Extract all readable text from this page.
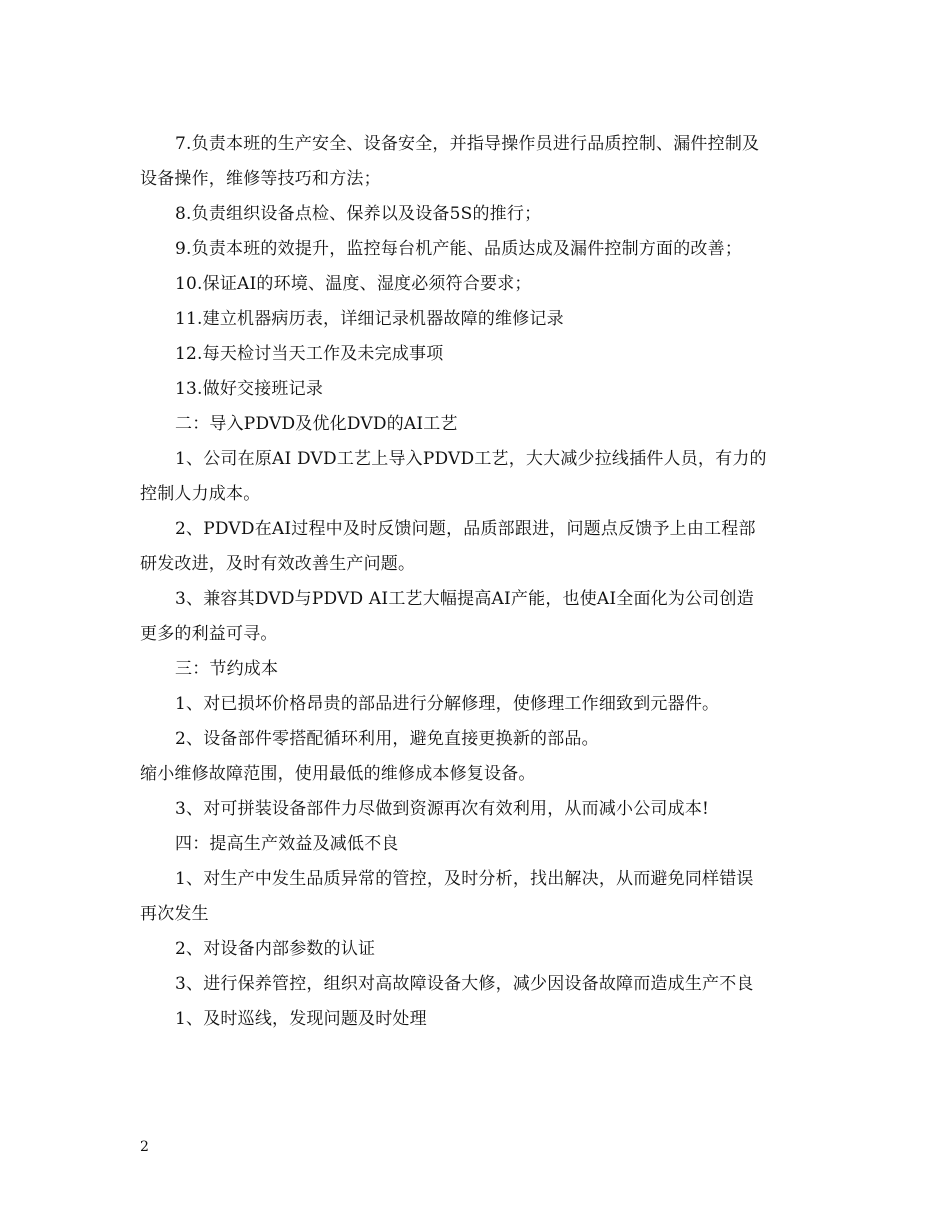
7.负责本班的生产安全、设备安全，并指导操作员进行品质控制、漏件控制及
设备操作，维修等技巧和方法；

8.负责组织设备点检、保养以及设备5S的推行；

9.负责本班的效提升，监控每台机产能、品质达成及漏件控制方面的改善；

10.保证AI的环境、温度、湿度必须符合要求；

11.建立机器病历表，详细记录机器故障的维修记录

12.每天检讨当天工作及未完成事项

13.做好交接班记录

二：导入PDVD及优化DVD的AI工艺

1、公司在原AI DVD工艺上导入PDVD工艺，大大减少拉线插件人员，有力的
控制人力成本。

2、PDVD在AI过程中及时反馈问题，品质部跟进，问题点反馈予上由工程部
研发改进，及时有效改善生产问题。

3、兼容其DVD与PDVD AI工艺大幅提高AI产能，也使AI全面化为公司创造
更多的利益可寻。

三：节约成本

1、对已损坏价格昂贵的部品进行分解修理，使修理工作细致到元器件。

2、设备部件零搭配循环利用，避免直接更换新的部品。

缩小维修故障范围，使用最低的维修成本修复设备。

3、对可拼装设备部件力尽做到资源再次有效利用，从而减小公司成本!

四：提高生产效益及减低不良

1、对生产中发生品质异常的管控，及时分析，找出解决，从而避免同样错误
再次发生

2、对设备内部参数的认证

3、进行保养管控，组织对高故障设备大修，减少因设备故障而造成生产不良

1、及时巡线，发现问题及时处理

2
